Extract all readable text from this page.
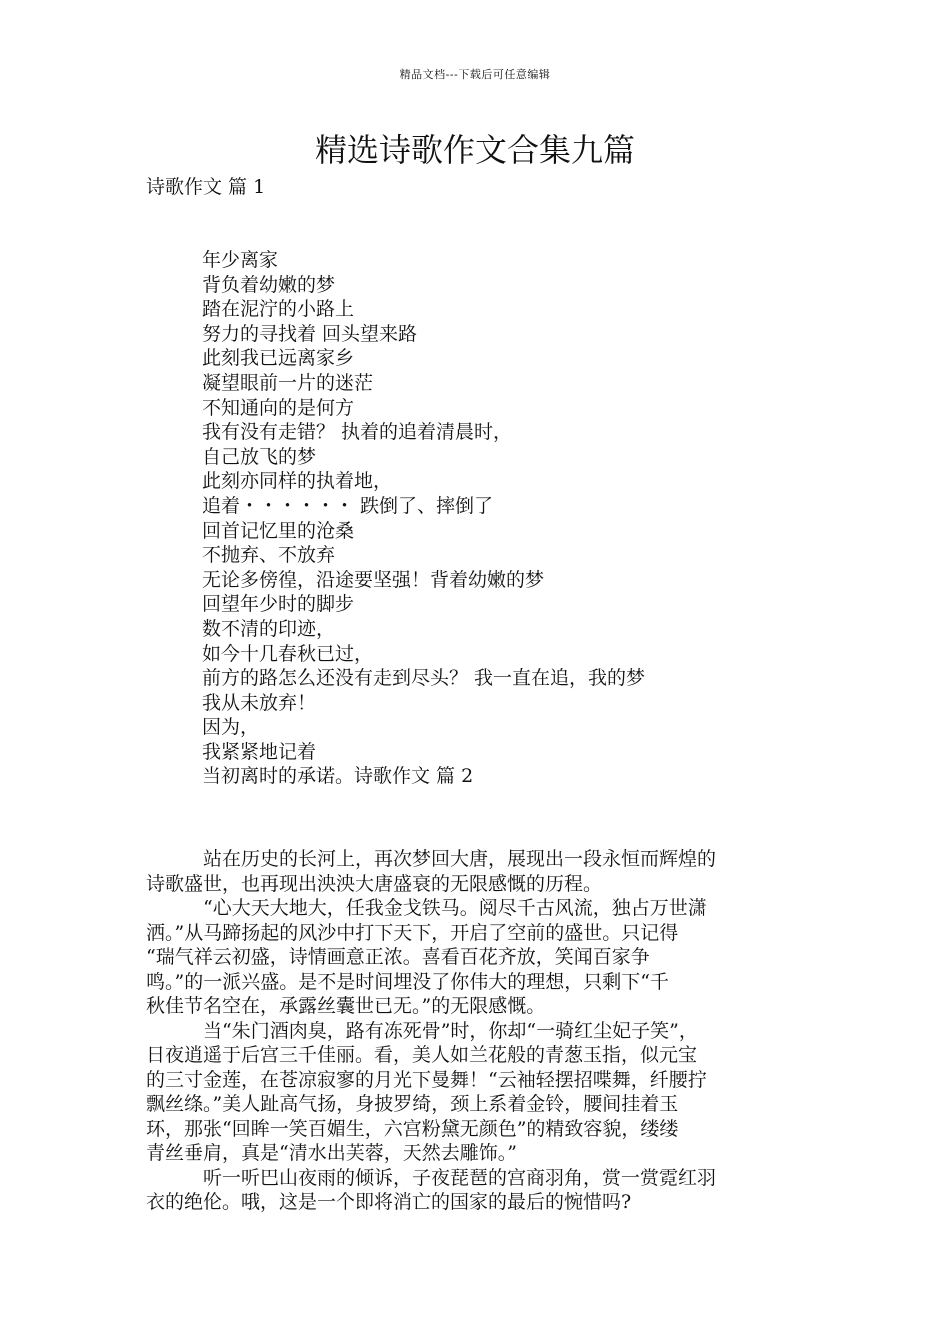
精品文档---下载后可任意编辑
精选诗歌作文合集九篇
诗歌作文 篇 1
年少离家
背负着幼嫩的梦
踏在泥泞的小路上
努力的寻找着 回头望来路
此刻我已远离家乡
凝望眼前一片的迷茫
不知通向的是何方
我有没有走错？ 执着的追着清晨时，
自己放飞的梦
此刻亦同样的执着地，
追着・・・・・・ 跌倒了、摔倒了
回首记忆里的沧桑
不抛弃、不放弃
无论多傍徨，沿途要坚强！背着幼嫩的梦
回望年少时的脚步
数不清的印迹，
如今十几春秋已过，
前方的路怎么还没有走到尽头？ 我一直在追，我的梦
我从未放弃！
因为，
我紧紧地记着
当初离时的承诺。诗歌作文 篇 2
站在历史的长河上，再次梦回大唐，展现出一段永恒而辉煌的
诗歌盛世，也再现出泱泱大唐盛衰的无限感慨的历程。
“心大天大地大，任我金戈铁马。阅尽千古风流，独占万世潇
洒。”从马蹄扬起的风沙中打下天下，开启了空前的盛世。只记得
“瑞气祥云初盛，诗情画意正浓。喜看百花齐放，笑闻百家争
鸣。”的一派兴盛。是不是时间埋没了你伟大的理想，只剩下“千
秋佳节名空在，承露丝囊世已无。”的无限感慨。
当“朱门酒肉臭，路有冻死骨”时，你却“一骑红尘妃子笑”，
日夜逍遥于后宫三千佳丽。看，美人如兰花般的青葱玉指，似元宝
的三寸金莲，在苍凉寂寥的月光下曼舞！“云袖轻摆招喋舞，纤腰拧
飘丝绦。”美人趾高气扬，身披罗绮，颈上系着金铃，腰间挂着玉
环，那张“回眸一笑百媚生，六宫粉黛无颜色”的精致容貌，缕缕
青丝垂肩，真是“清水出芙蓉，天然去雕饰。”
听一听巴山夜雨的倾诉，子夜琵琶的宫商羽角，赏一赏霓红羽
衣的绝伦。哦，这是一个即将消亡的国家的最后的惋惜吗?
